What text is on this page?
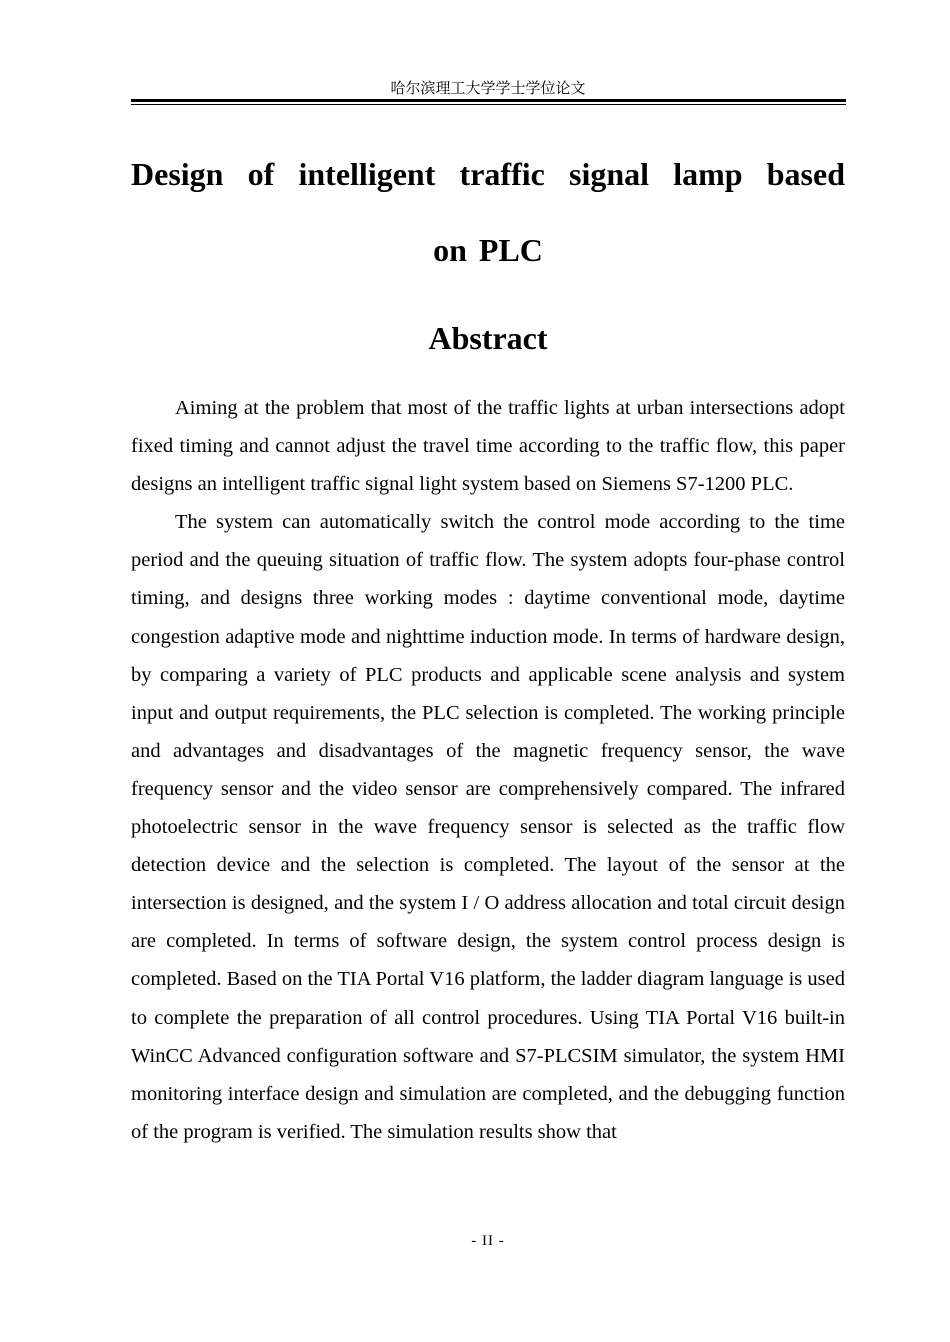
哈尔滨理工大学学士学位论文
Design of intelligent traffic signal lamp based
on PLC
Abstract

Aiming at the problem that most of the traffic lights at urban intersections adopt fixed timing and cannot adjust the travel time according to the traffic flow, this paper designs an intelligent traffic signal light system based on Siemens S7-1200 PLC.

The system can automatically switch the control mode according to the time period and the queuing situation of traffic flow. The system adopts four-phase control timing, and designs three working modes : daytime conventional mode, daytime congestion adaptive mode and nighttime induction mode. In terms of hardware design, by comparing a variety of PLC products and applicable scene analysis and system input and output requirements, the PLC selection is completed. The working principle and advantages and disadvantages of the magnetic frequency sensor, the wave frequency sensor and the video sensor are comprehensively compared. The infrared photoelectric sensor in the wave frequency sensor is selected as the traffic flow detection device and the selection is completed. The layout of the sensor at the intersection is designed, and the system I / O address allocation and total circuit design are completed. In terms of software design, the system control process design is completed. Based on the TIA Portal V16 platform, the ladder diagram language is used to complete the preparation of all control procedures. Using TIA Portal V16 built-in WinCC Advanced configuration software and S7-PLCSIM simulator, the system HMI monitoring interface design and simulation are completed, and the debugging function of the program is verified. The simulation results show that

- II -
